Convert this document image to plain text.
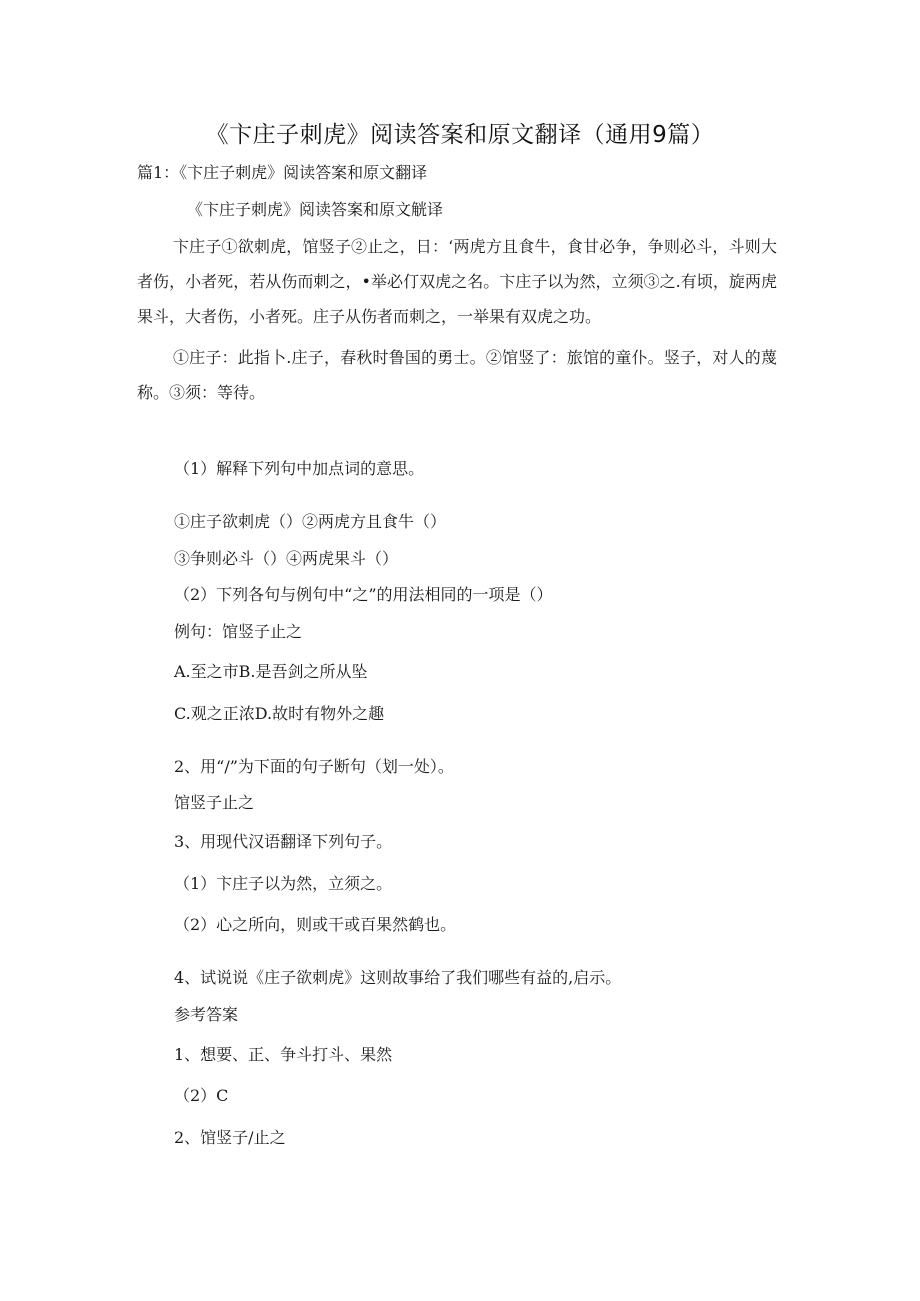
《卞庄子刺虎》阅读答案和原文翻译（通用9篇）

篇1：《卞庄子刺虎》阅读答案和原文翻译

《卞庄子刺虎》阅读答案和原文觥译

卞庄子①欲刺虎，馆竖子②止之，日：‘两虎方且食牛，食甘必争，争则必斗，斗则大者伤，小者死，若从伤而刺之，•举必仃双虎之名。卞庄子以为然，立须③之.有顷，旋两虎果斗，大者伤，小者死。庄子从伤者而刺之，一举果有双虎之功。

①庄子：此指卜.庄子，春秋时鲁国的勇士。②馆竖了：旅馆的童仆。竖子，对人的蔑称。③须：等待。

（1）解释下列句中加点词的意思。

①庄子欲刺虎（）②两虎方且食牛（）

③争则必斗（）④两虎果斗（）

（2）下列各句与例句中“之”的用法相同的一项是（）

例句：馆竖子止之

A.至之市B.是吾剑之所从坠

C.观之正浓D.故时有物外之趣

2、用“/”为下面的句子断句（划一处）。

馆竖子止之

3、用现代汉语翻译下列句子。

（1）卞庄子以为然，立须之。

（2）心之所向，则或干或百果然鹤也。

4、试说说《庄子欲刺虎》这则故事给了我们哪些有益的,启示。

参考答案

1、想要、正、争斗打斗、果然

（2）C

2、馆竖子/止之
